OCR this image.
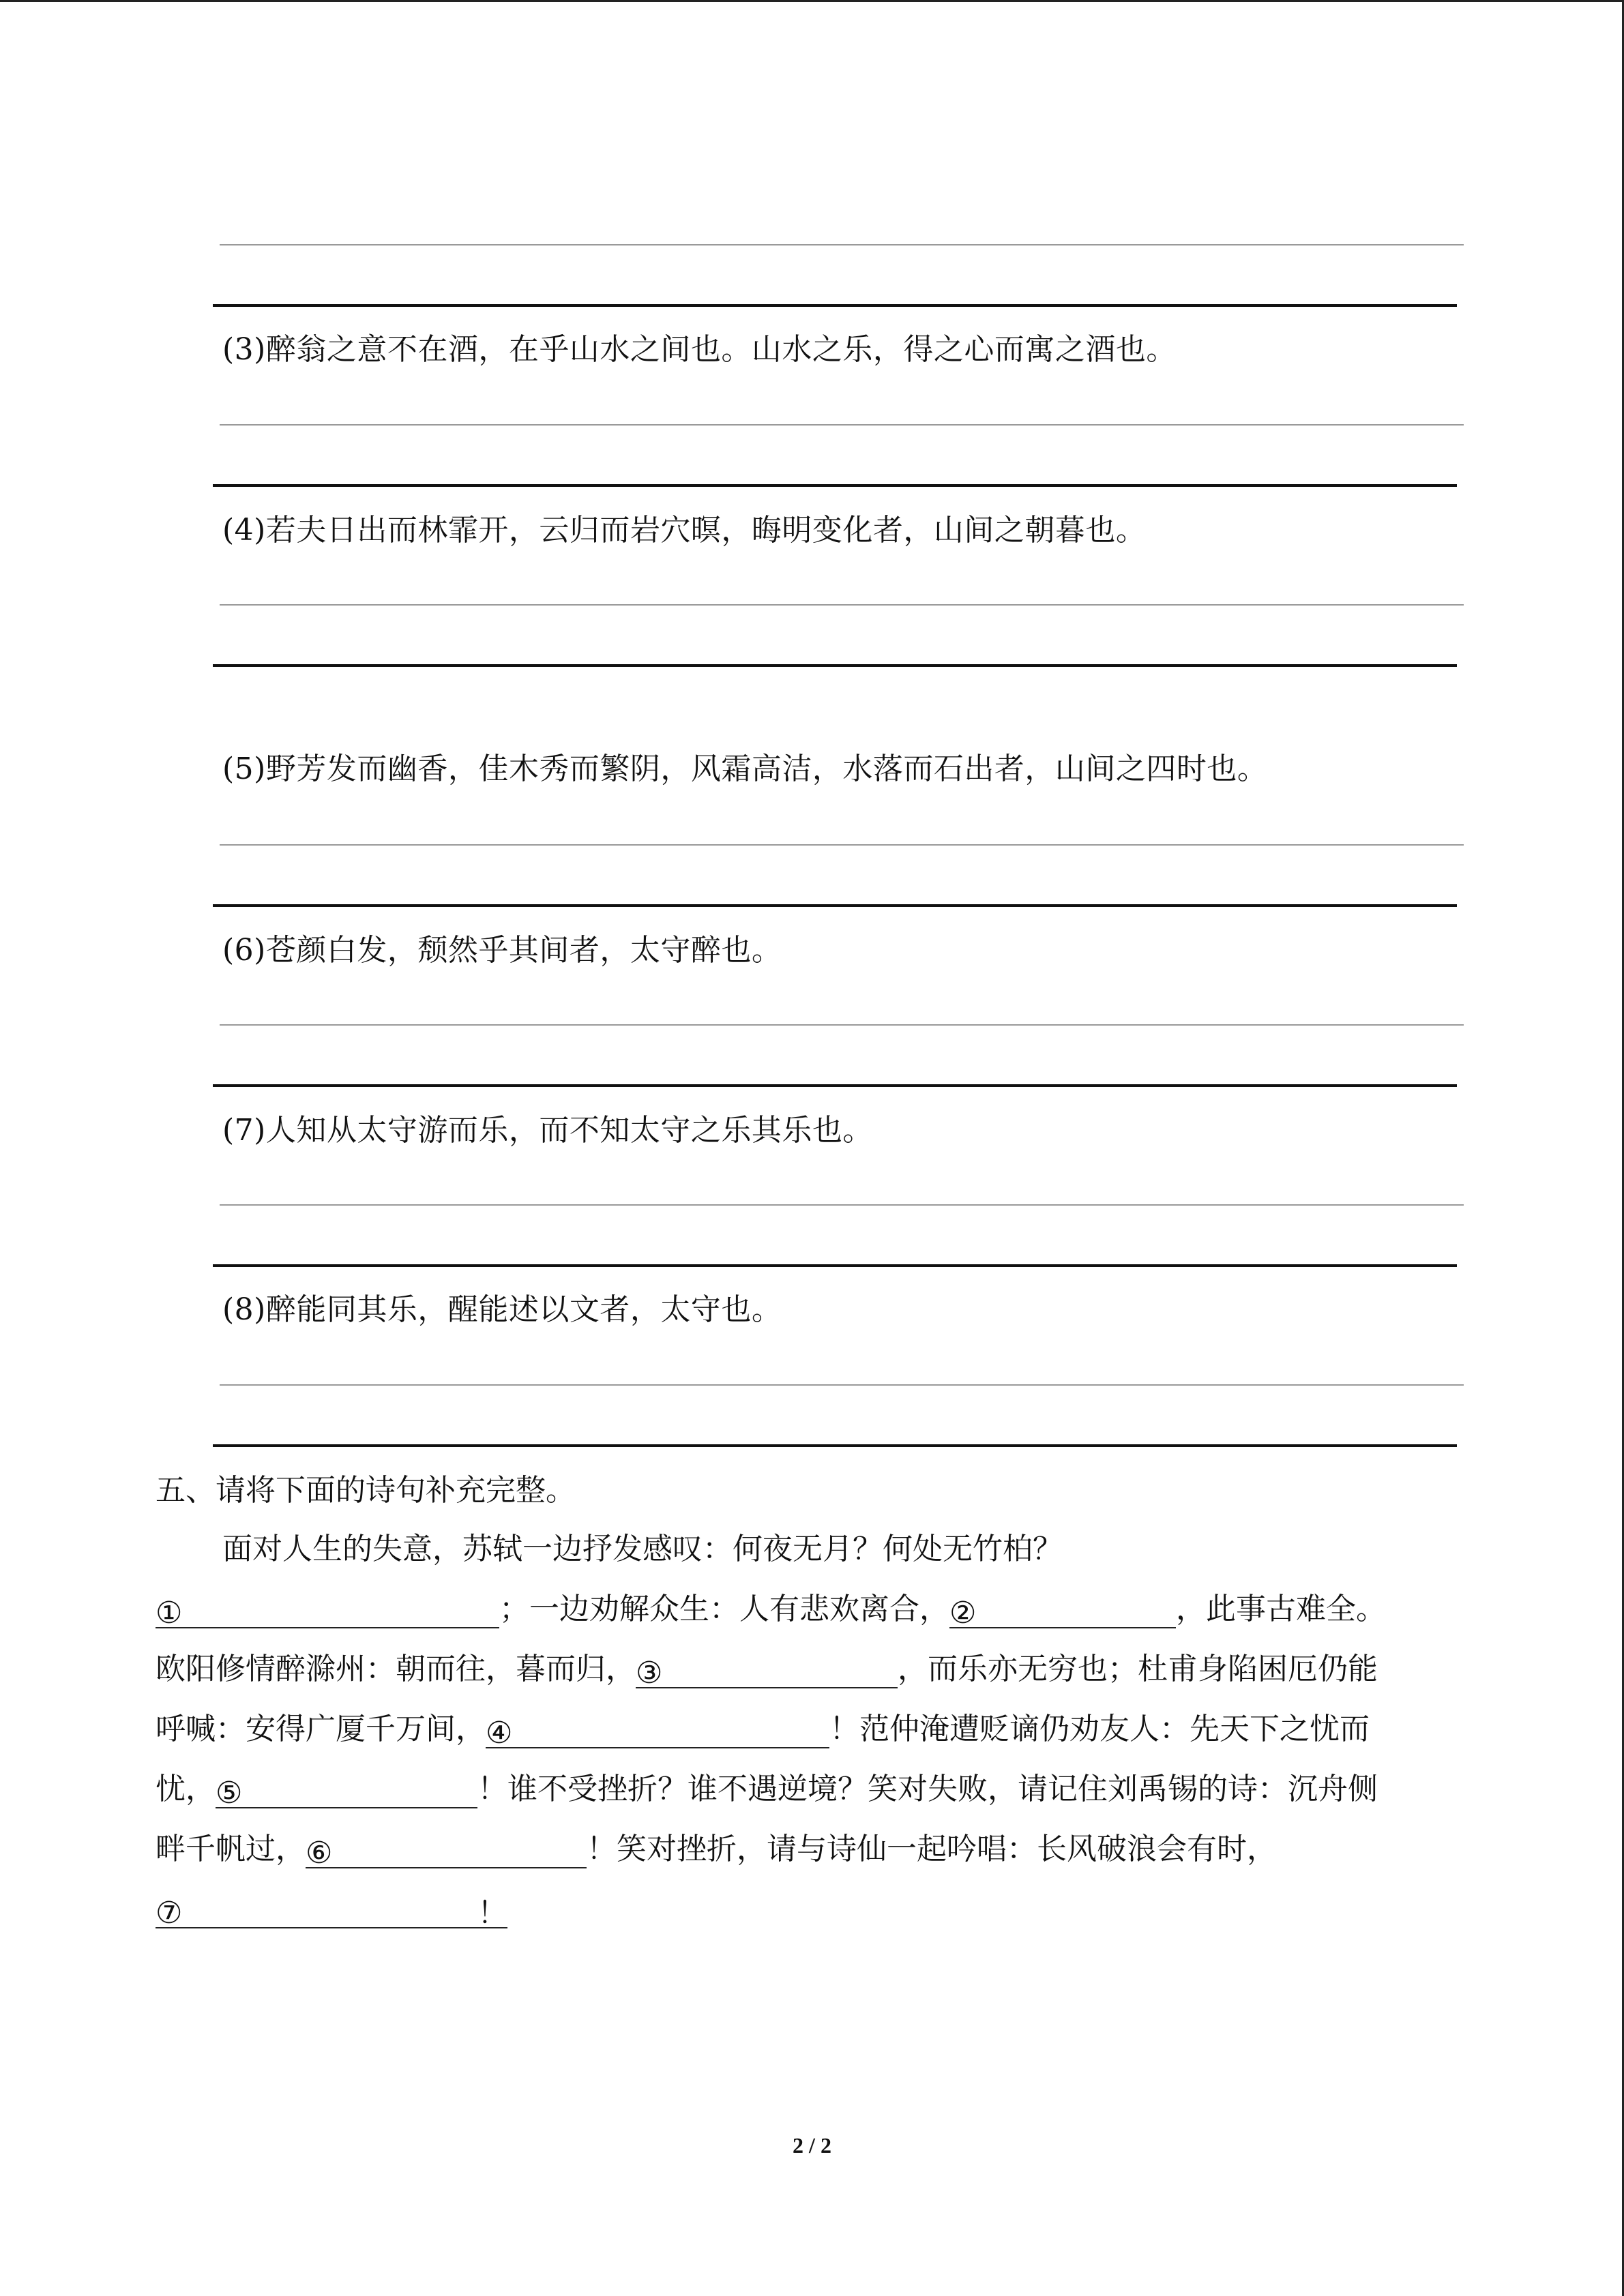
(3)醉翁之意不在酒，在乎山水之间也。山水之乐，得之心而寓之酒也。
(4)若夫日出而林霏开，云归而岩穴暝，晦明变化者，山间之朝暮也。
(5)野芳发而幽香，佳木秀而繁阴，风霜高洁，水落而石出者，山间之四时也。
(6)苍颜白发，颓然乎其间者，太守醉也。
(7)人知从太守游而乐，而不知太守之乐其乐也。
(8)醉能同其乐，醒能述以文者，太守也。
五、请将下面的诗句补充完整。
面对人生的失意，苏轼一边抒发感叹：何夜无月？何处无竹柏？
①	；一边劝解众生：人有悲欢离合，②	，此事古难全。
欧阳修情醉滁州：朝而往，暮而归，③	，而乐亦无穷也；杜甫身陷困厄仍能
呼喊：安得广厦千万间，④	！范仲淹遭贬谪仍劝友人：先天下之忧而
忧，⑤	！谁不受挫折？谁不遇逆境？笑对失败，请记住刘禹锡的诗：沉舟侧
畔千帆过，⑥	！笑对挫折，请与诗仙一起吟唱：长风破浪会有时，
⑦	！
2 / 2
